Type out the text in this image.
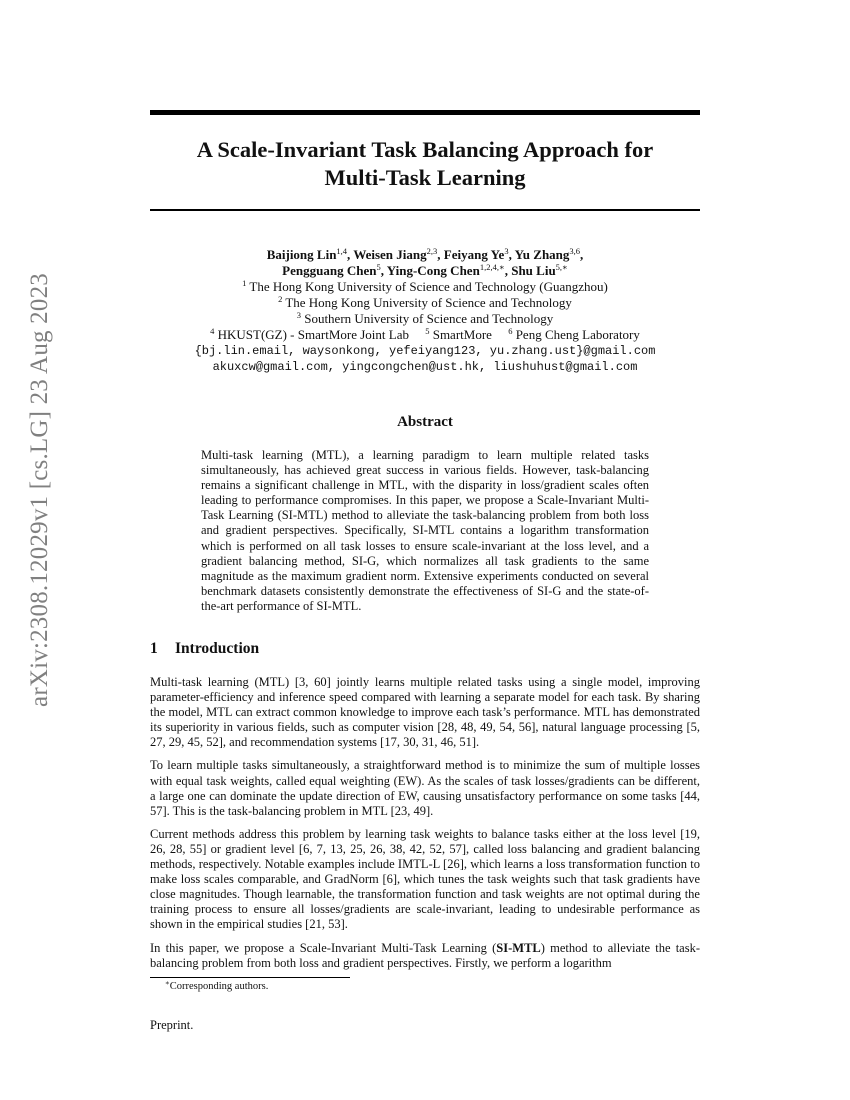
arXiv:2308.12029v1 [cs.LG] 23 Aug 2023
A Scale-Invariant Task Balancing Approach for
Multi-Task Learning
Baijiong Lin$^{1,4}$, Weisen Jiang$^{2,3}$, Feiyang Ye$^3$, Yu Zhang$^{3,6}$,
Pengguang Chen$^5$, Ying-Cong Chen$^{1,2,4,∗}$, Shu Liu$^{5,∗}$
$^1$ The Hong Kong University of Science and Technology (Guangzhou)
$^2$ The Hong Kong University of Science and Technology
$^3$ Southern University of Science and Technology
$^4$ HKUST(GZ) - SmartMore Joint Lab $^5$ SmartMore $^6$ Peng Cheng Laboratory
{bj.lin.email, waysonkong, yefeiyang123, yu.zhang.ust}@gmail.com
akuxcw@gmail.com, yingcongchen@ust.hk, liushuhust@gmail.com
Abstract
Multi-task learning (MTL), a learning paradigm to learn multiple related tasks simultaneously, has achieved great success in various fields. However, task-balancing remains a significant challenge in MTL, with the disparity in loss/gradient scales often leading to performance compromises. In this paper, we propose a Scale-Invariant Multi-Task Learning (SI-MTL) method to alleviate the task-balancing problem from both loss and gradient perspectives. Specifically, SI-MTL contains a logarithm transformation which is performed on all task losses to ensure scale-invariant at the loss level, and a gradient balancing method, SI-G, which normalizes all task gradients to the same magnitude as the maximum gradient norm. Extensive experiments conducted on several benchmark datasets consistently demonstrate the effectiveness of SI-G and the state-of-the-art performance of SI-MTL.
1 Introduction

Multi-task learning (MTL) [3, 60] jointly learns multiple related tasks using a single model, improving parameter-efficiency and inference speed compared with learning a separate model for each task. By sharing the model, MTL can extract common knowledge to improve each task’s performance. MTL has demonstrated its superiority in various fields, such as computer vision [28, 48, 49, 54, 56], natural language processing [5, 27, 29, 45, 52], and recommendation systems [17, 30, 31, 46, 51].

To learn multiple tasks simultaneously, a straightforward method is to minimize the sum of multiple losses with equal task weights, called equal weighting (EW). As the scales of task losses/gradients can be different, a large one can dominate the update direction of EW, causing unsatisfactory performance on some tasks [44, 57]. This is the task-balancing problem in MTL [23, 49].

Current methods address this problem by learning task weights to balance tasks either at the loss level [19, 26, 28, 55] or gradient level [6, 7, 13, 25, 26, 38, 42, 52, 57], called loss balancing and gradient balancing methods, respectively. Notable examples include IMTL-L [26], which learns a loss transformation function to make loss scales comparable, and GradNorm [6], which tunes the task weights such that task gradients have close magnitudes. Though learnable, the transformation function and task weights are not optimal during the training process to ensure all losses/gradients are scale-invariant, leading to undesirable performance as shown in the empirical studies [21, 53].

In this paper, we propose a Scale-Invariant Multi-Task Learning (SI-MTL) method to alleviate the task-balancing problem from both loss and gradient perspectives. Firstly, we perform a logarithm

∗Corresponding authors.
Preprint.
